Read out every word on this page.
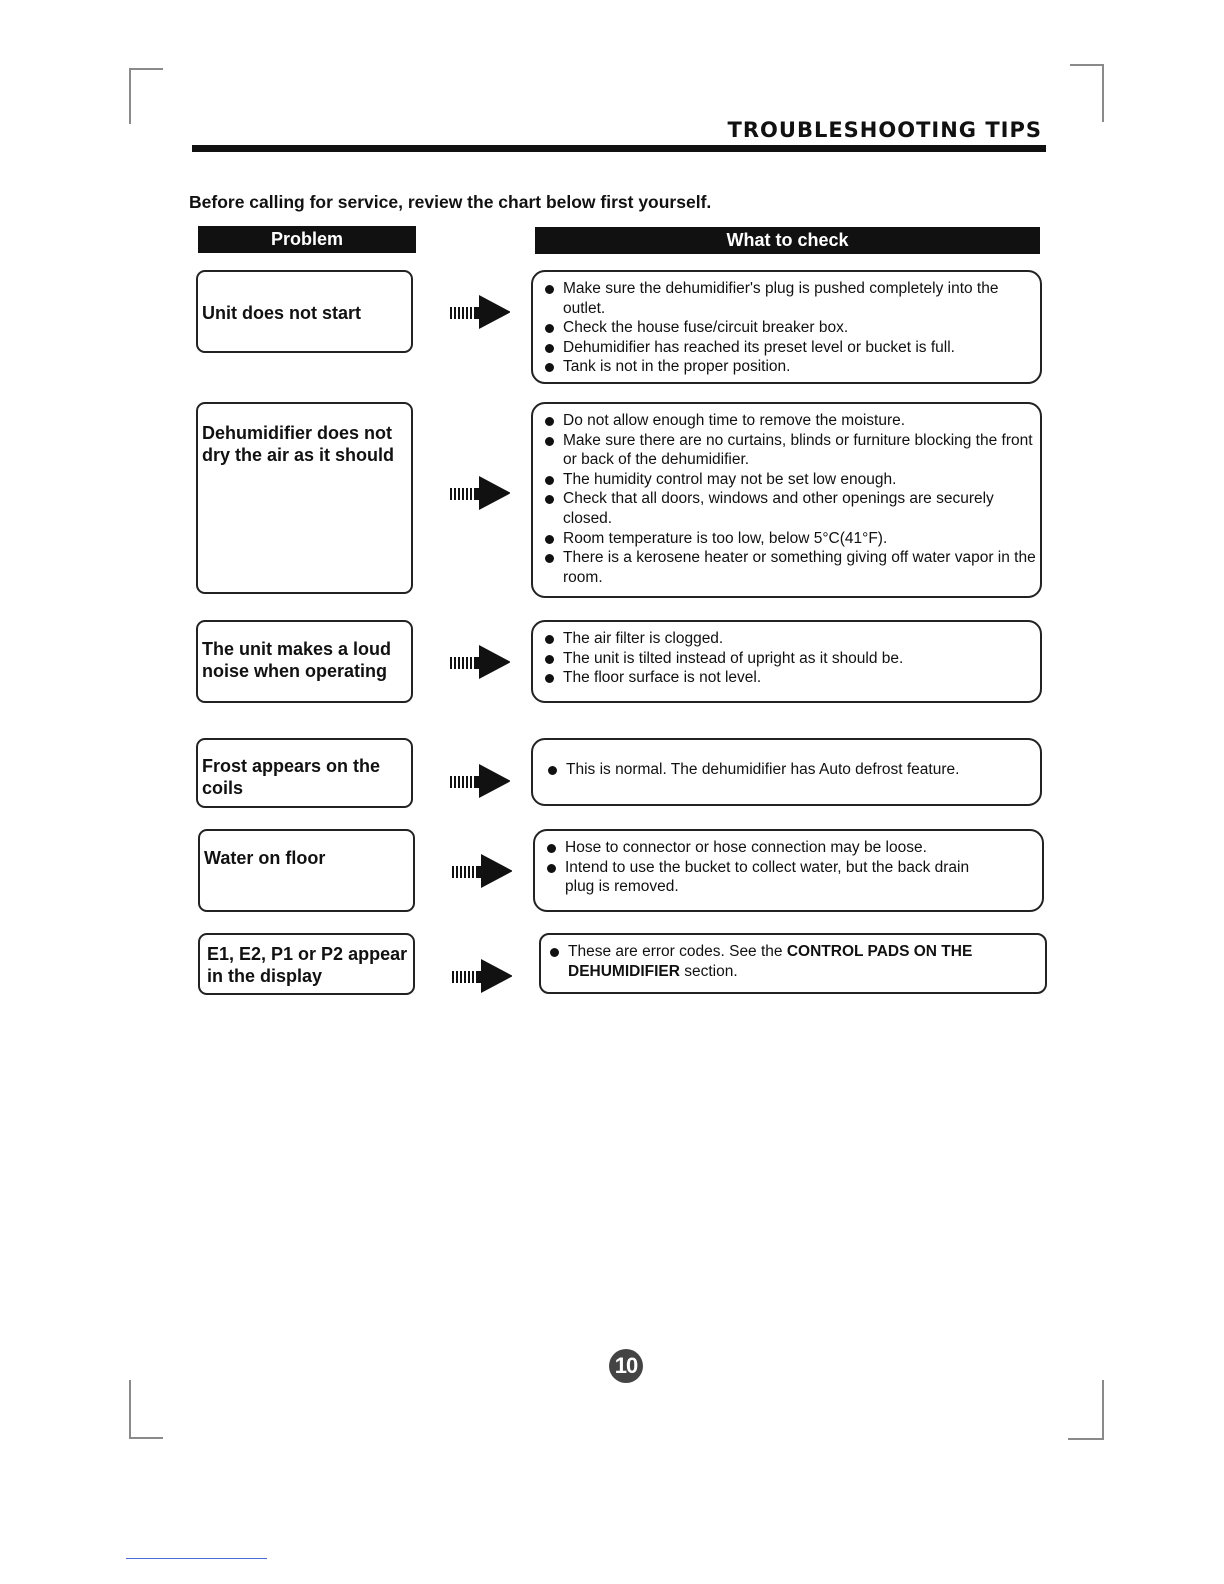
TROUBLESHOOTING TIPS
Before calling for service, review the chart below first yourself.
Problem	What to check
Unit does not start
Make sure the dehumidifier's plug is pushed completely into the outlet.
Check the house fuse/circuit breaker box.
Dehumidifier has reached its preset level or bucket is full.
Tank is not in the proper position.
Dehumidifier does not dry the air as it should
Do not allow enough time to remove the moisture.
Make sure there are no curtains, blinds or furniture blocking the front or back of the dehumidifier.
The humidity control may not be set low enough.
Check that all doors, windows and other openings are securely closed.
Room temperature is too low, below 5°C(41°F).
There is a kerosene heater or something giving off water vapor in the room.
The unit makes a loud noise when operating
The air filter is clogged.
The unit is tilted instead of upright as it should be.
The floor surface is not level.
Frost appears on the coils
This is normal. The dehumidifier has Auto defrost feature.
Water on floor
Hose to connector or hose connection may be loose.
Intend to use the bucket to collect water, but the back drain plug is removed.
E1, E2, P1 or P2 appear in the display
These are error codes. See the CONTROL PADS ON THE DEHUMIDIFIER section.
10
